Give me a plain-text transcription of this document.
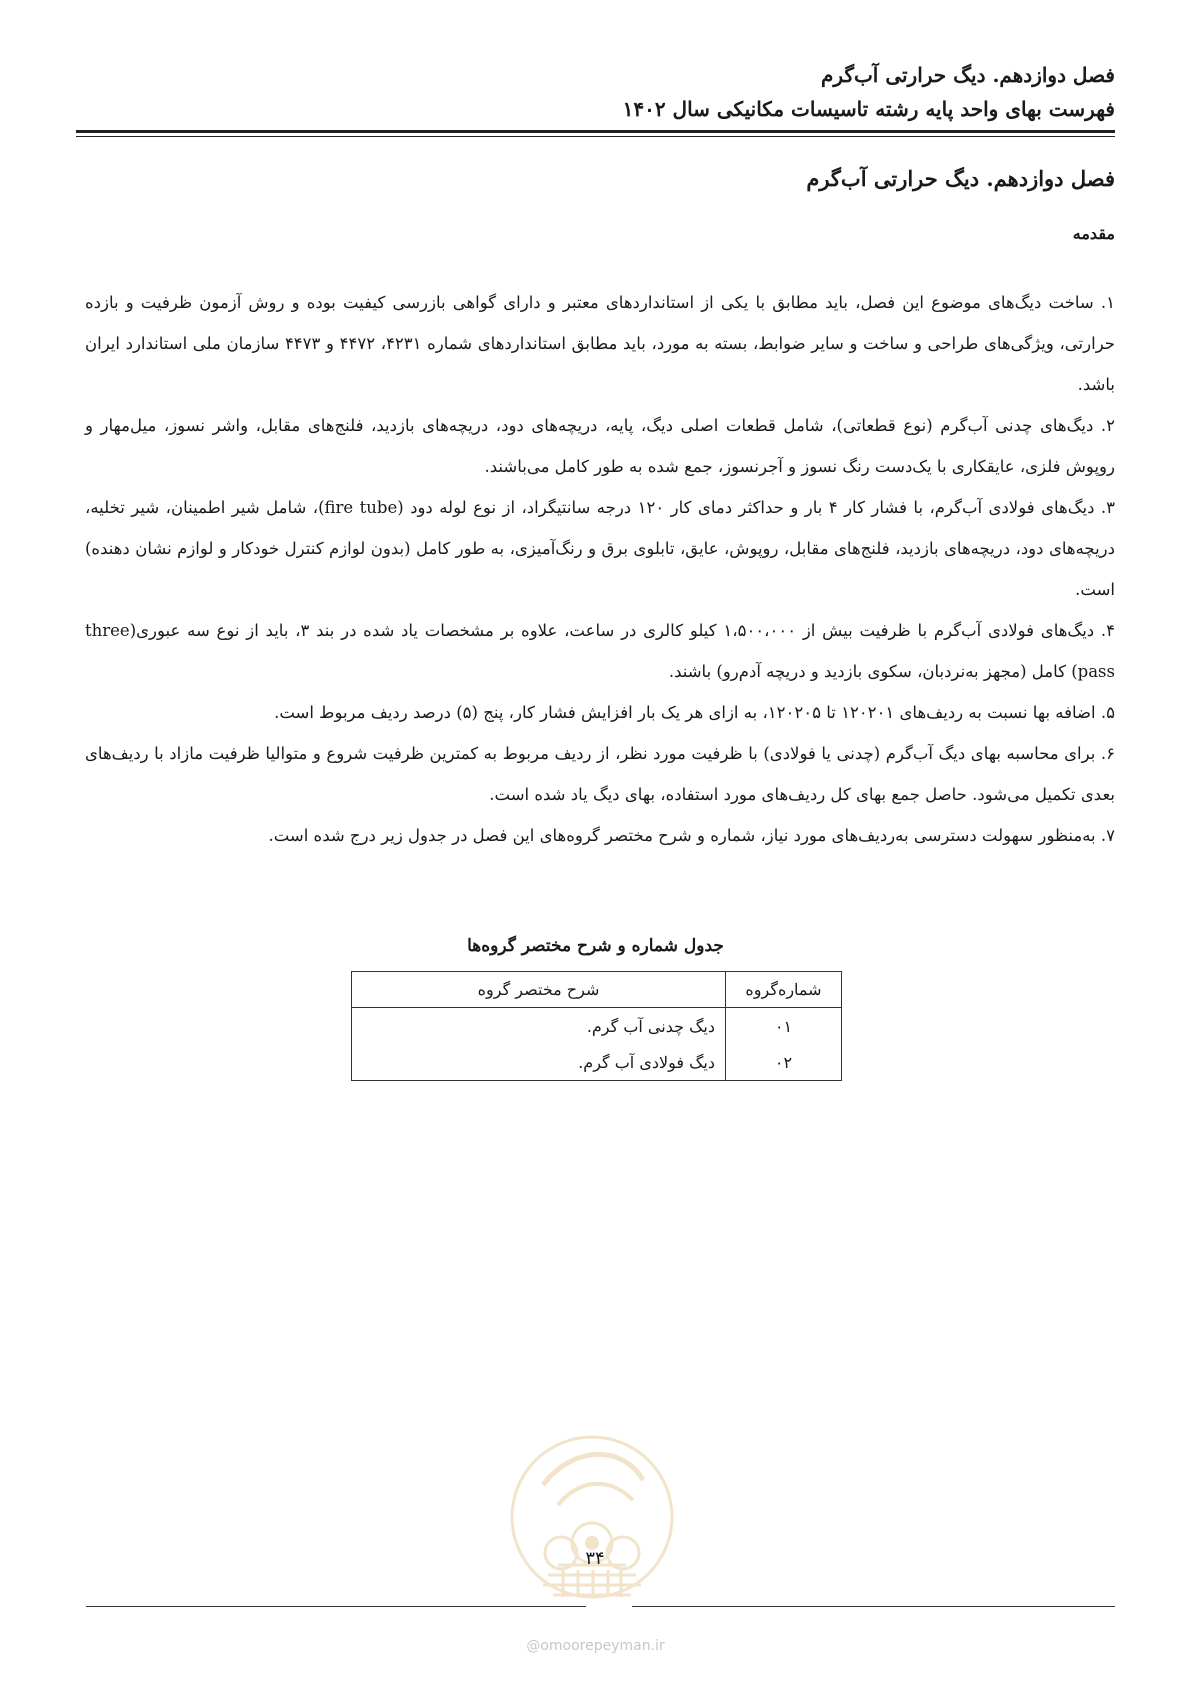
فصل دوازدهم. دیگ حرارتی آب‌گرم
فهرست بهای واحد پایه رشته تاسیسات مکانیکی سال ۱۴۰۲
فصل دوازدهم. دیگ حرارتی آب‌گرم
مقدمه

۱. ساخت دیگ‌های موضوع این فصل، باید مطابق با یکی از استانداردهای معتبر و دارای گواهی بازرسی کیفیت بوده و روش آزمون ظرفیت و بازده حرارتی، ویژگی‌های طراحی و ساخت و سایر ضوابط، بسته به مورد، باید مطابق استانداردهای شماره ۴۲۳۱، ۴۴۷۲ و ۴۴۷۳ سازمان ملی استاندارد ایران باشد.

۲. دیگ‌های چدنی آب‌گرم (نوع قطعاتی)، شامل قطعات اصلی دیگ، پایه، دریچه‌های دود، دریچه‌های بازدید، فلنج‌های مقابل، واشر نسوز، میل‌مهار و روپوش فلزی، عایقکاری با یک‌دست رنگ نسوز و آجرنسوز، جمع شده به طور کامل می‌باشند.

۳. دیگ‌های فولادی آب‌گرم، با فشار کار ۴ بار و حداکثر دمای کار ۱۲۰ درجه سانتیگراد، از نوع لوله دود (fire tube)، شامل شیر اطمینان، شیر تخلیه، دریچه‌های دود، دریچه‌های بازدید، فلنج‌های مقابل، روپوش، عایق، تابلوی برق و رنگ‌آمیزی، به طور کامل (بدون لوازم کنترل خودکار و لوازم نشان دهنده) است.

۴. دیگ‌های فولادی آب‌گرم با ظرفیت بیش از ۱،۵۰۰،۰۰۰ کیلو کالری در ساعت، علاوه بر مشخصات یاد شده در بند ۳، باید از نوع سه عبوری(three pass) کامل (مجهز به‌نردبان، سکوی بازدید و دریچه آدم‌رو) باشند.

۵. اضافه بها نسبت به ردیف‌های ۱۲۰۲۰۱ تا ۱۲۰۲۰۵، به ازای هر یک بار افزایش فشار کار، پنج (۵) درصد ردیف مربوط است.

۶. برای محاسبه بهای دیگ آب‌گرم (چدنی یا فولادی) با ظرفیت مورد نظر، از ردیف مربوط به کمترین ظرفیت شروع و متوالیا ظرفیت مازاد با ردیف‌های بعدی تکمیل می‌شود. حاصل جمع بهای کل ردیف‌های مورد استفاده، بهای دیگ یاد شده است.

۷. به‌منظور سهولت دسترسی به‌ردیف‌های مورد نیاز، شماره و شرح مختصر گروه‌های این فصل در جدول زیر درج شده است.

جدول شماره و شرح مختصر گروه‌ها
شماره‌گروه	شرح مختصر گروه
۰۱	دیگ چدنی آب گرم.
۰۲	دیگ فولادی آب گرم.
۳۴
@omoorepeyman.ir
